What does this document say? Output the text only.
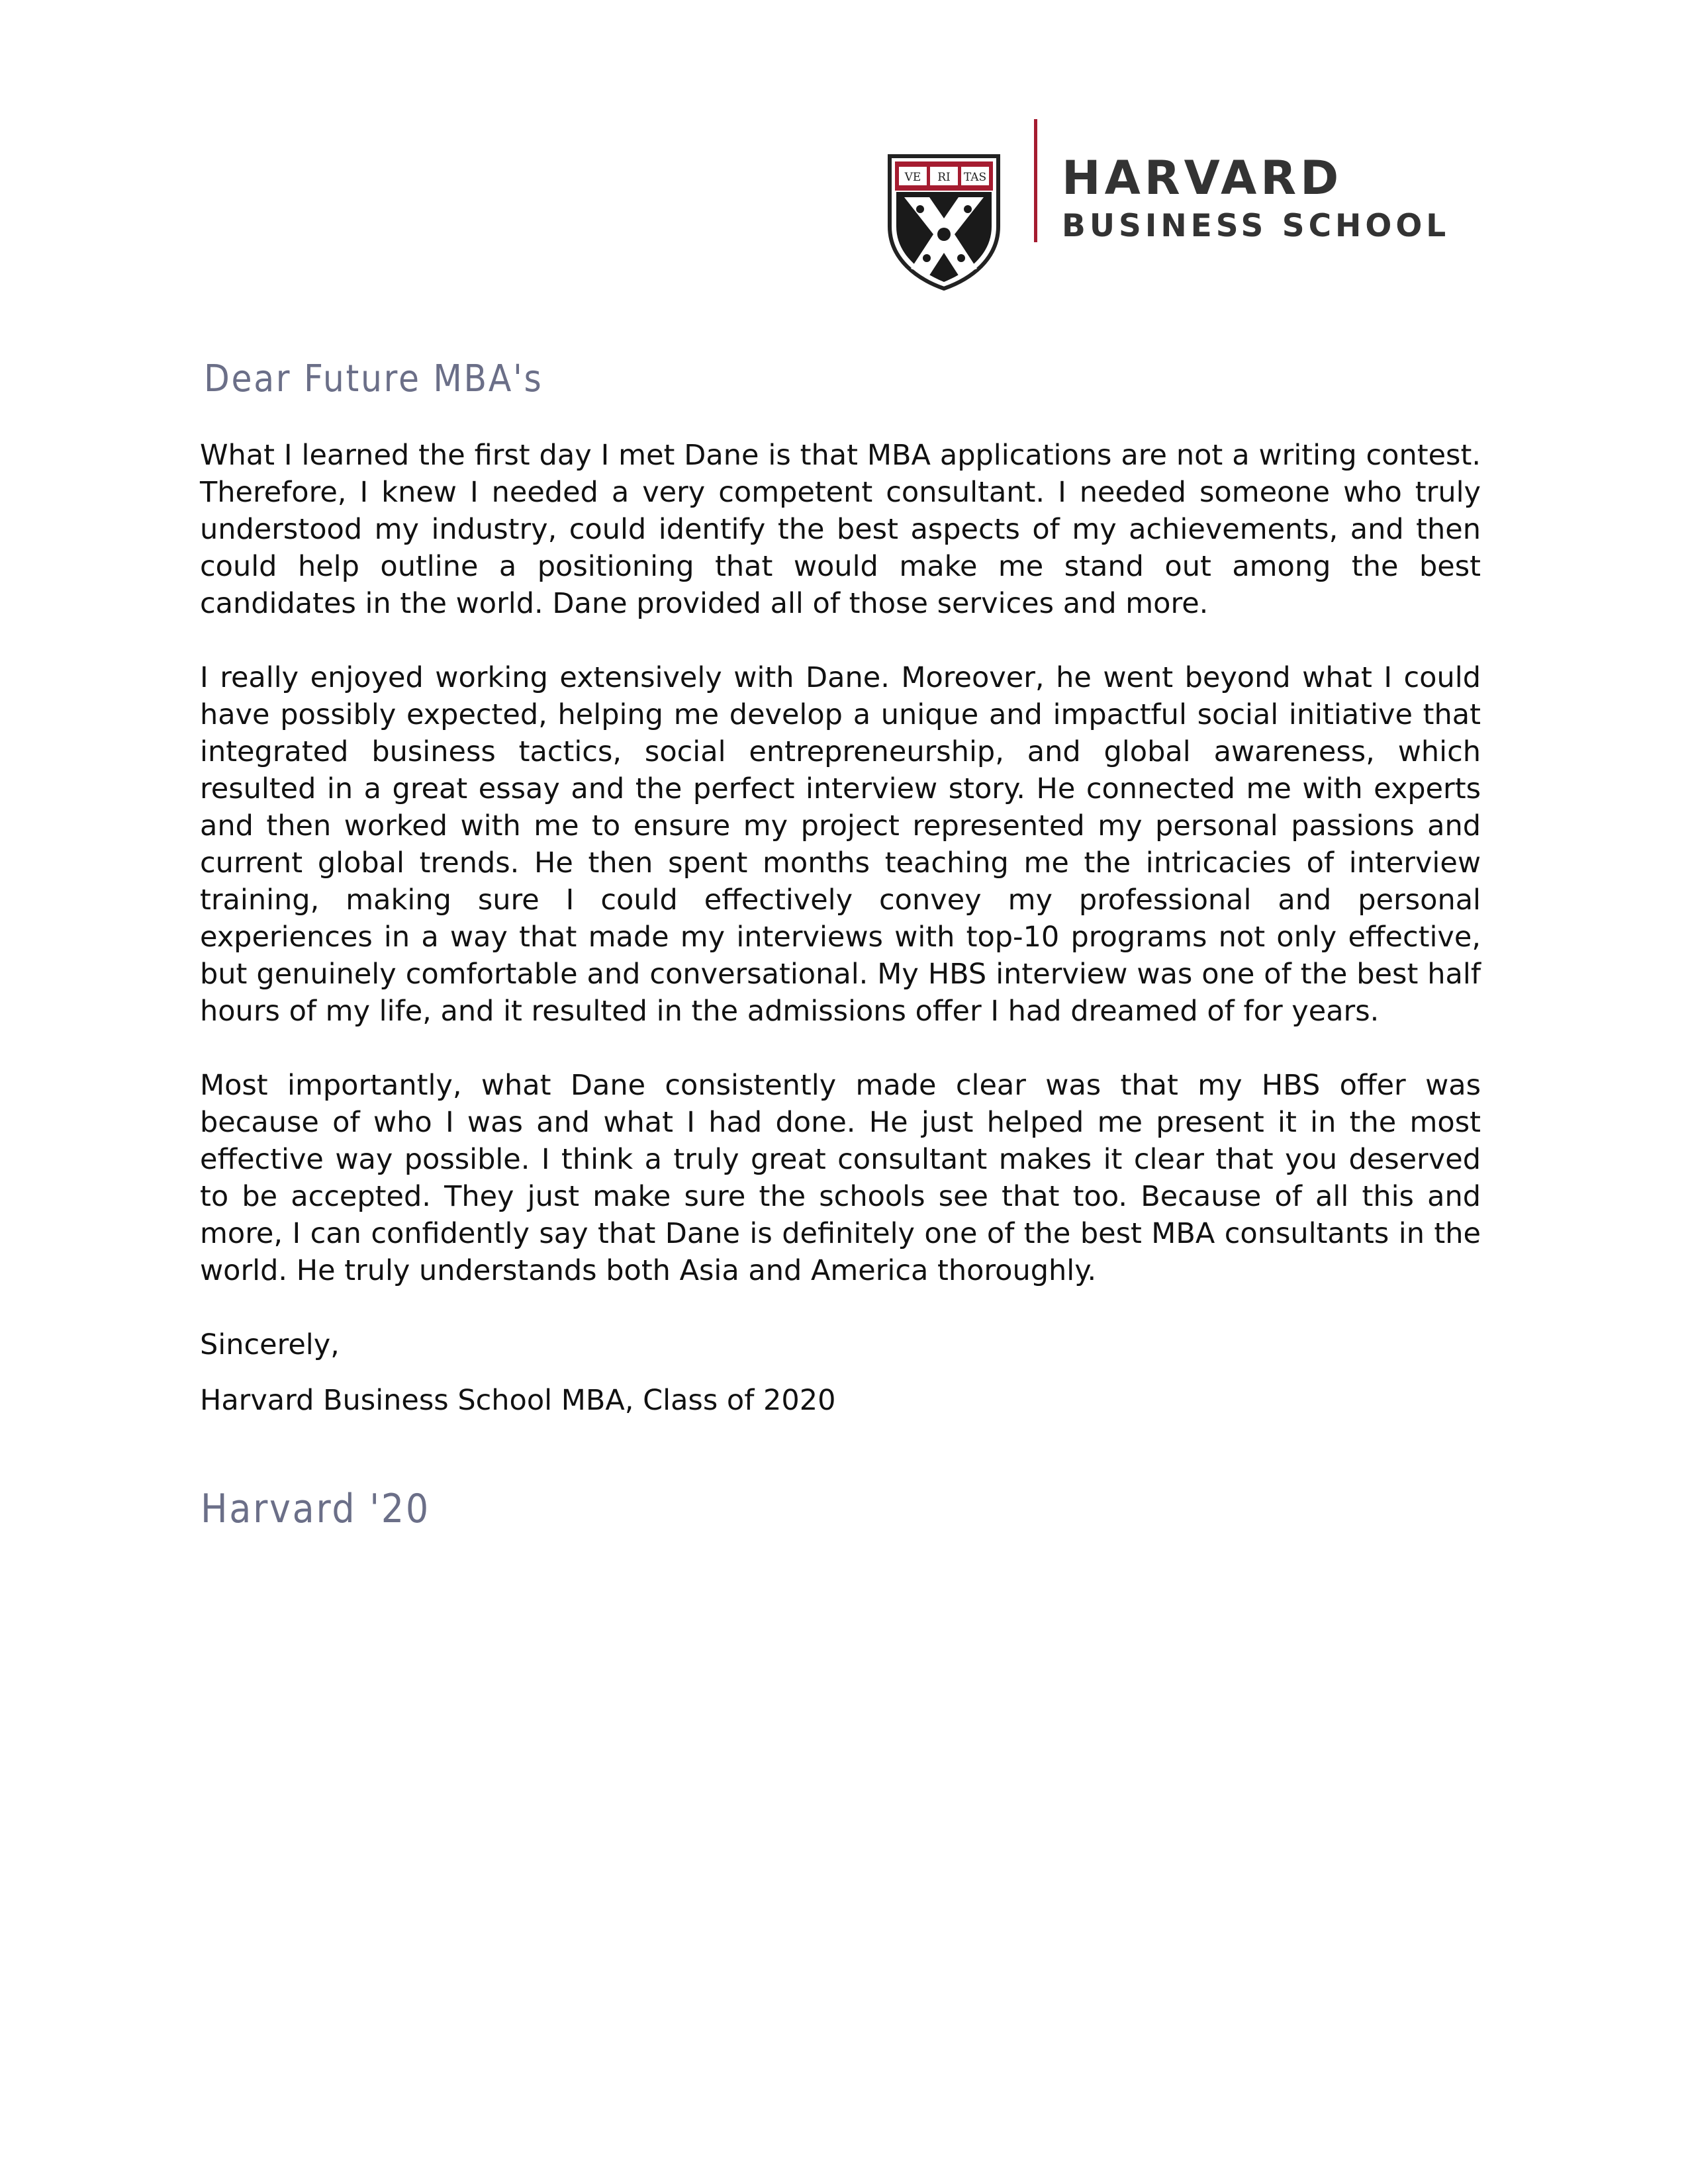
VE RI TAS HARVARD
BUSINESS SCHOOL
Dear Future MBA's

What I learned the first day I met Dane is that MBA applications are not a writing contest. Therefore, I knew I needed a very competent consultant. I needed someone who truly understood my industry, could identify the best aspects of my achievements, and then could help outline a positioning that would make me stand out among the best candidates in the world. Dane provided all of those services and more.

I really enjoyed working extensively with Dane. Moreover, he went beyond what I could have possibly expected, helping me develop a unique and impactful social initiative that integrated business tactics, social entrepreneurship, and global awareness, which resulted in a great essay and the perfect interview story. He connected me with experts and then worked with me to ensure my project represented my personal passions and current global trends. He then spent months teaching me the intricacies of interview training, making sure I could effectively convey my professional and personal experiences in a way that made my interviews with top-10 programs not only effective, but genuinely comfortable and conversational. My HBS interview was one of the best half hours of my life, and it resulted in the admissions offer I had dreamed of for years.

Most importantly, what Dane consistently made clear was that my HBS offer was because of who I was and what I had done. He just helped me present it in the most effective way possible. I think a truly great consultant makes it clear that you deserved to be accepted. They just make sure the schools see that too. Because of all this and more, I can confidently say that Dane is definitely one of the best MBA consultants in the world. He truly understands both Asia and America thoroughly.

Sincerely,

Harvard Business School MBA, Class of 2020

Harvard '20
